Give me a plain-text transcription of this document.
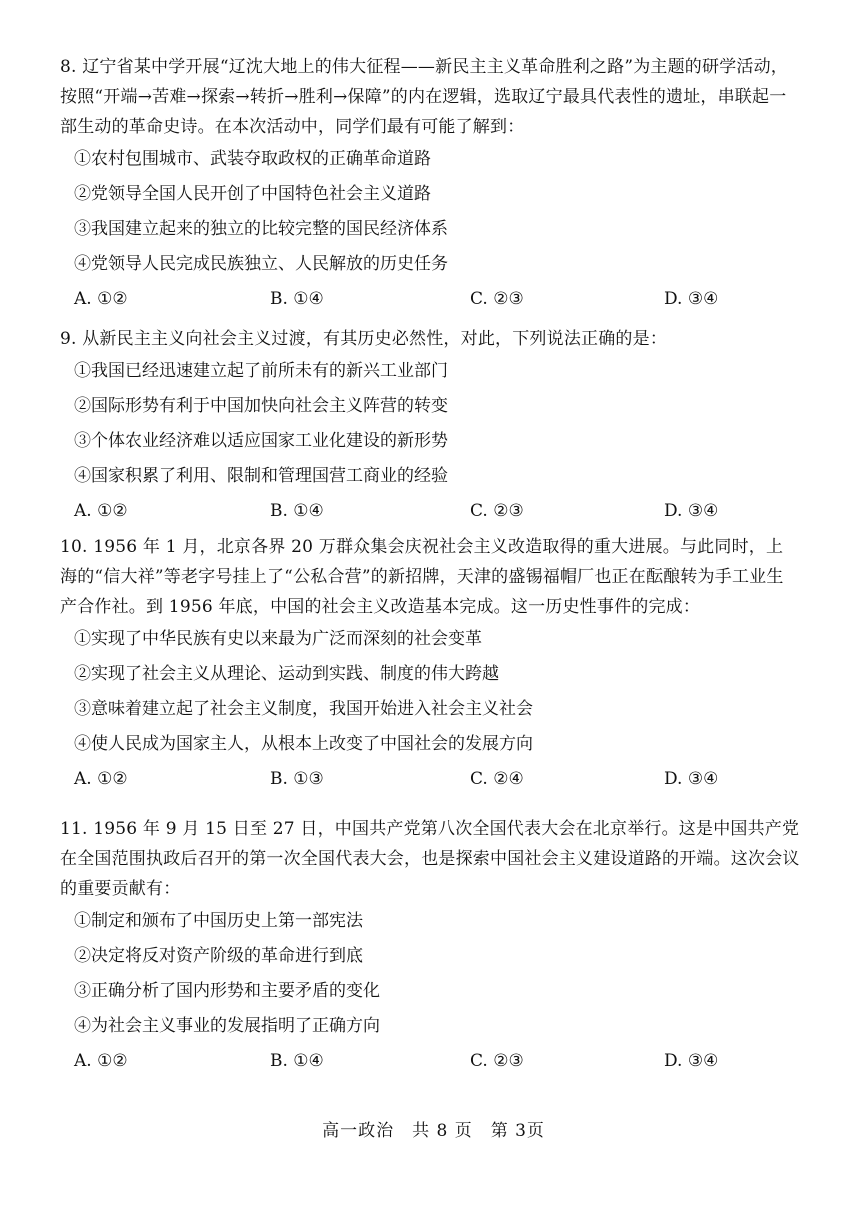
8. 辽宁省某中学开展“辽沈大地上的伟大征程——新民主主义革命胜利之路”为主题的研学活动，按照“开端→苦难→探索→转折→胜利→保障”的内在逻辑，选取辽宁最具代表性的遗址，串联起一部生动的革命史诗。在本次活动中，同学们最有可能了解到：

①农村包围城市、武装夺取政权的正确革命道路

②党领导全国人民开创了中国特色社会主义道路

③我国建立起来的独立的比较完整的国民经济体系

④党领导人民完成民族独立、人民解放的历史任务

A. ①②	B. ①④	C. ②③	D. ③④

9. 从新民主主义向社会主义过渡，有其历史必然性，对此，下列说法正确的是：

①我国已经迅速建立起了前所未有的新兴工业部门

②国际形势有利于中国加快向社会主义阵营的转变

③个体农业经济难以适应国家工业化建设的新形势

④国家积累了利用、限制和管理国营工商业的经验

A. ①②	B. ①④	C. ②③	D. ③④

10. 1956 年 1 月，北京各界 20 万群众集会庆祝社会主义改造取得的重大进展。与此同时，上海的“信大祥”等老字号挂上了“公私合营”的新招牌，天津的盛锡福帽厂也正在酝酿转为手工业生产合作社。到 1956 年底，中国的社会主义改造基本完成。这一历史性事件的完成：

①实现了中华民族有史以来最为广泛而深刻的社会变革

②实现了社会主义从理论、运动到实践、制度的伟大跨越

③意味着建立起了社会主义制度，我国开始进入社会主义社会

④使人民成为国家主人，从根本上改变了中国社会的发展方向

A. ①②	B. ①③	C. ②④	D. ③④

11. 1956 年 9 月 15 日至 27 日，中国共产党第八次全国代表大会在北京举行。这是中国共产党在全国范围执政后召开的第一次全国代表大会，也是探索中国社会主义建设道路的开端。这次会议的重要贡献有：

①制定和颁布了中国历史上第一部宪法

②决定将反对资产阶级的革命进行到底

③正确分析了国内形势和主要矛盾的变化

④为社会主义事业的发展指明了正确方向

A. ①②	B. ①④	C. ②③	D. ③④
高一政治　共 8 页　第 3页
